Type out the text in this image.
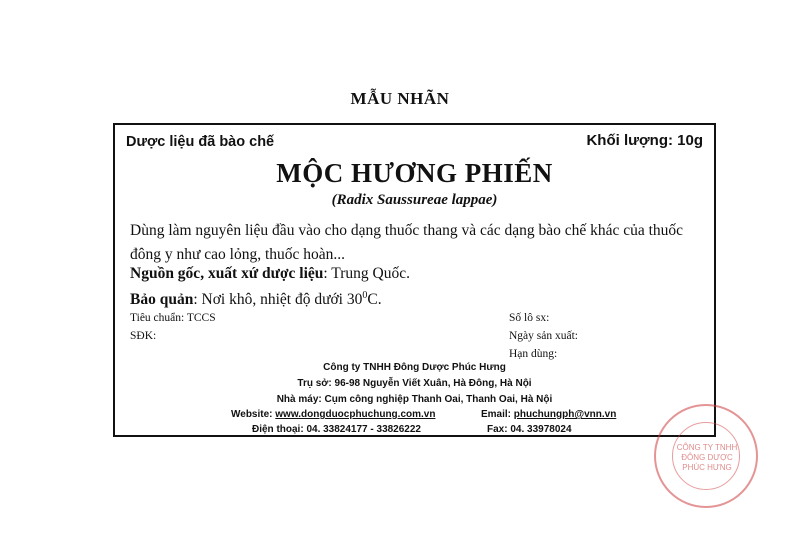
MẪU NHÃN
Dược liệu đã bào chế	Khối lượng: 10g
MỘC HƯƠNG PHIẾN
(Radix Saussureae lappae)
Dùng làm nguyên liệu đầu vào cho dạng thuốc thang và các dạng bào chế khác của thuốc đông y như cao lỏng, thuốc hoàn...
Nguồn gốc, xuất xứ dược liệu: Trung Quốc.
Bảo quản: Nơi khô, nhiệt độ dưới $30^0C$.
Tiêu chuẩn: TCCS
SĐK:
Số lô sx:
Ngày sản xuất:
Hạn dùng:
Công ty TNHH Đông Dược Phúc Hưng
Trụ sở: 96-98 Nguyễn Viết Xuân, Hà Đông, Hà Nội
Nhà máy: Cụm công nghiệp Thanh Oai, Thanh Oai, Hà Nội
Website: www.dongduocphuchung.com.vn	Email: phuchungph@vnn.vn
Điện thoại: 04. 33824177 - 33826222	Fax: 04. 33978024
CÔNG TY TNHH ĐÔNG DƯỢC PHÚC HƯNG
